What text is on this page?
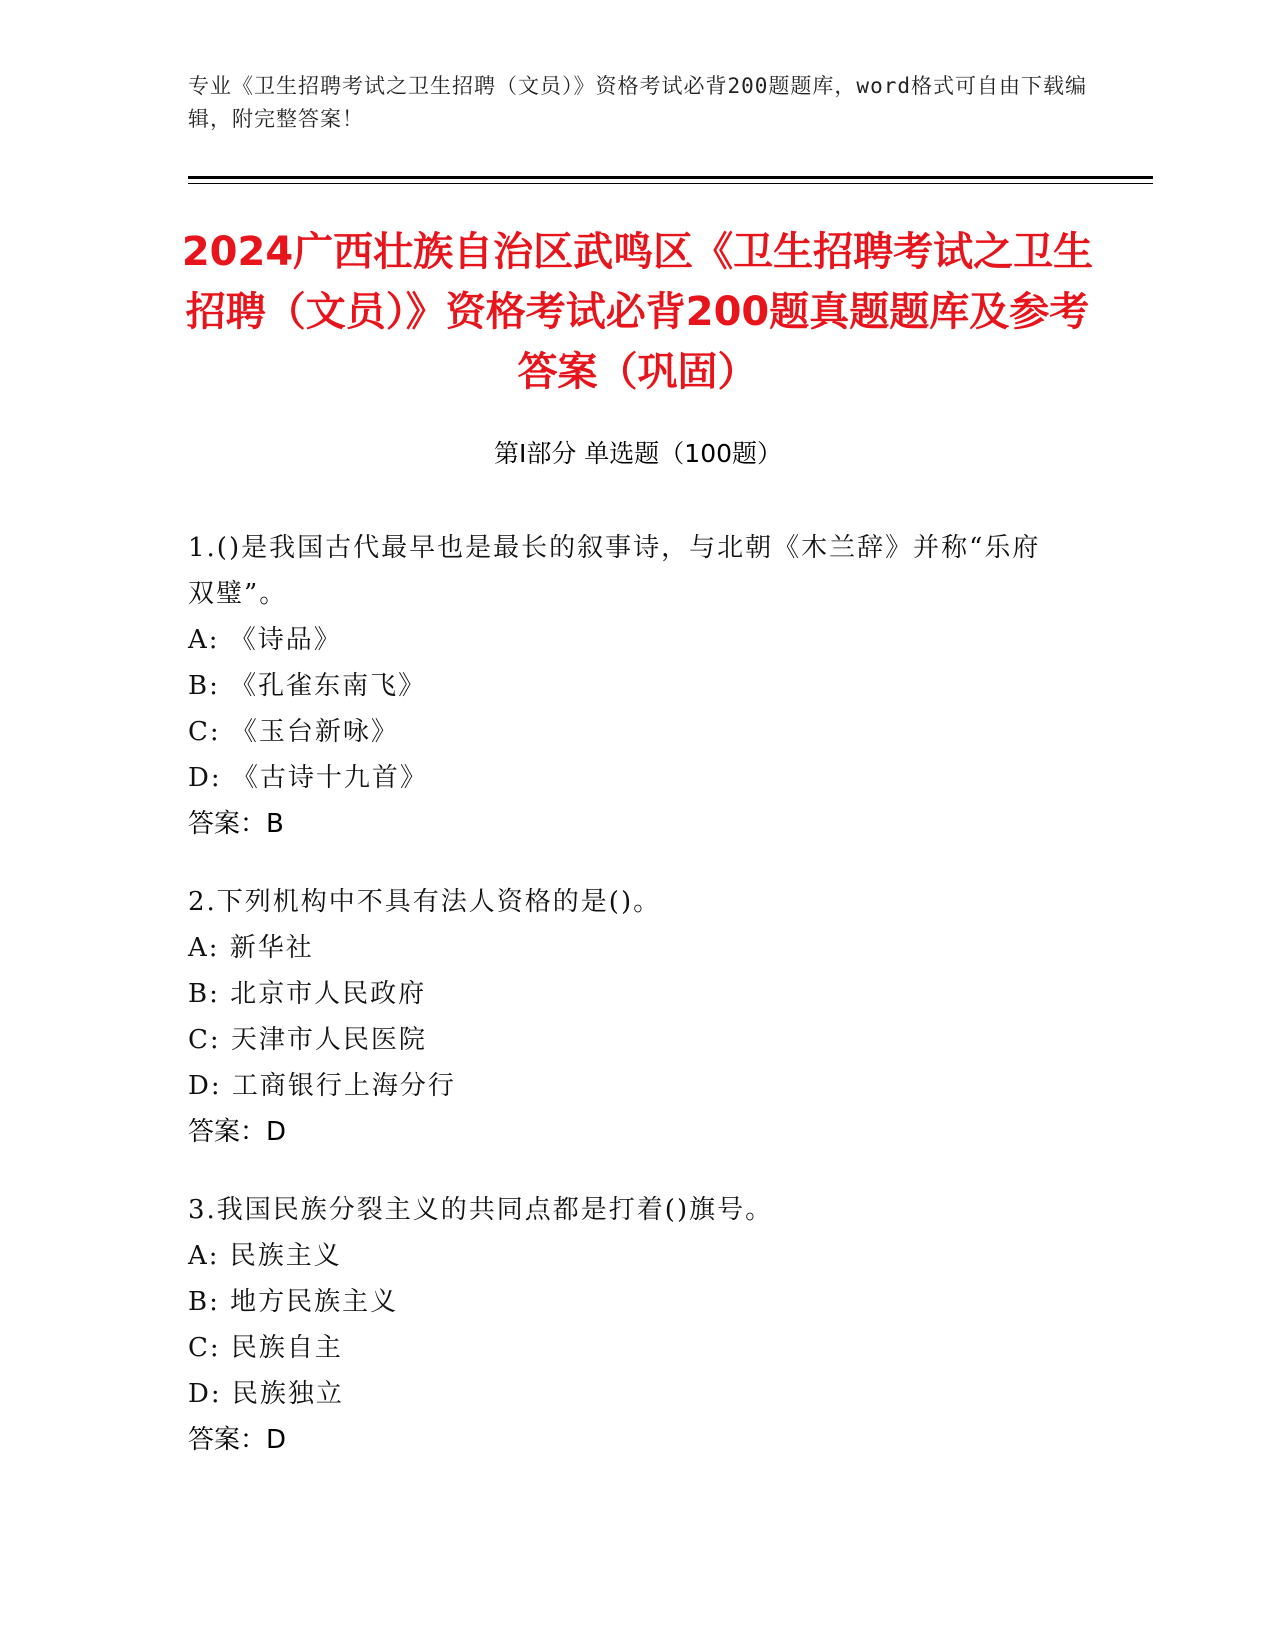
专业《卫生招聘考试之卫生招聘（文员）》资格考试必背200题题库，word格式可自由下载编辑，附完整答案！
2024广西壮族自治区武鸣区《卫生招聘考试之卫生招聘（文员）》资格考试必背200题真题题库及参考答案（巩固）
第I部分 单选题（100题）
1.()是我国古代最早也是最长的叙事诗，与北朝《木兰辞》并称“乐府双璧”。
A: 《诗品》
B: 《孔雀东南飞》
C: 《玉台新咏》
D: 《古诗十九首》
答案：B
2.下列机构中不具有法人资格的是()。
A: 新华社
B: 北京市人民政府
C: 天津市人民医院
D: 工商银行上海分行
答案：D
3.我国民族分裂主义的共同点都是打着()旗号。
A: 民族主义
B: 地方民族主义
C: 民族自主
D: 民族独立
答案：D
